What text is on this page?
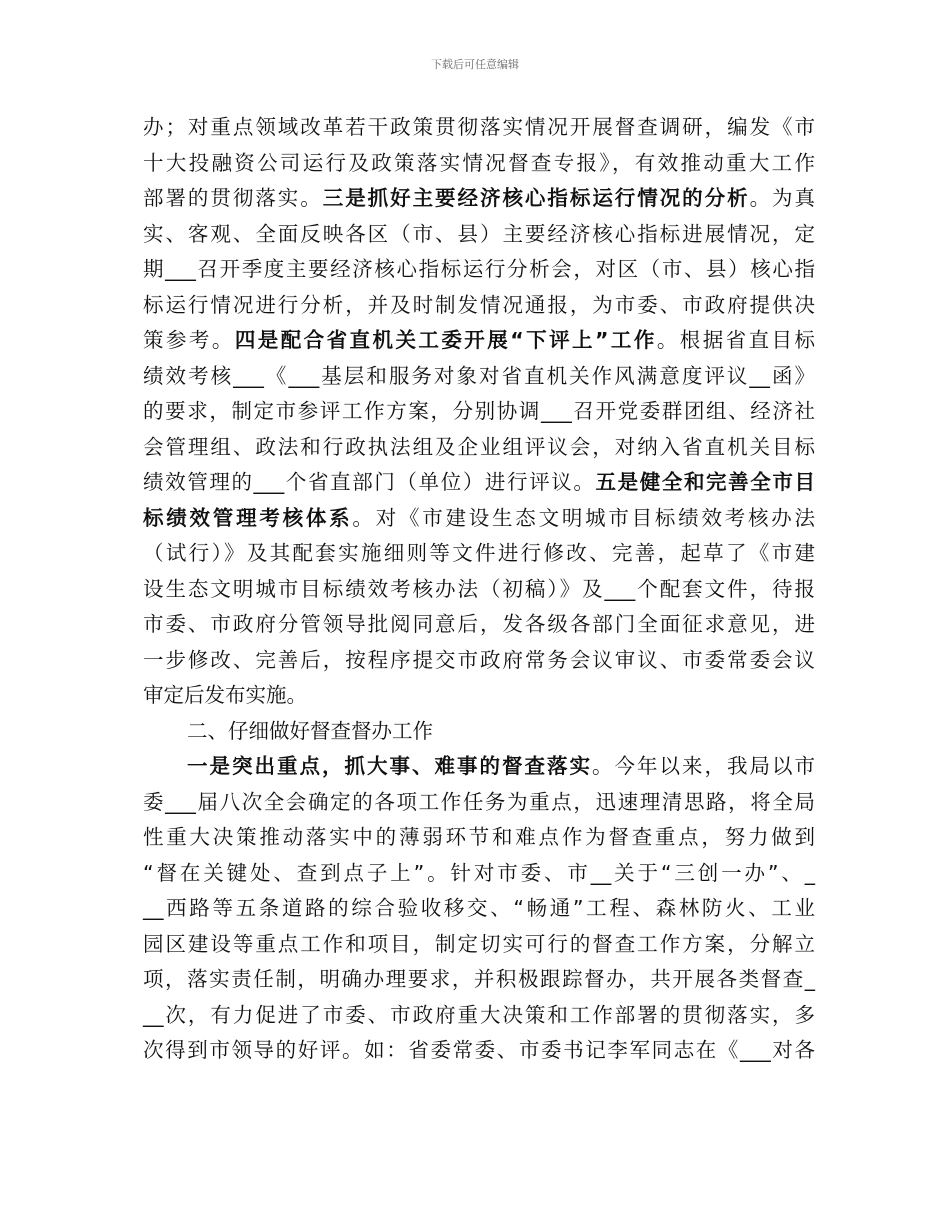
下载后可任意编辑
办；对重点领域改革若干政策贯彻落实情况开展督查调研，编发《市
十大投融资公司运行及政策落实情况督查专报》，有效推动重大工作
部署的贯彻落实。三是抓好主要经济核心指标运行情况的分析。为真
实、客观、全面反映各区（市、县）主要经济核心指标进展情况，定
期___召开季度主要经济核心指标运行分析会，对区（市、县）核心指
标运行情况进行分析，并及时制发情况通报，为市委、市政府提供决
策参考。四是配合省直机关工委开展“下评上”工作。根据省直目标
绩效考核___《___基层和服务对象对省直机关作风满意度评议__函》
的要求，制定市参评工作方案，分别协调___召开党委群团组、经济社
会管理组、政法和行政执法组及企业组评议会，对纳入省直机关目标
绩效管理的___个省直部门（单位）进行评议。五是健全和完善全市目
标绩效管理考核体系。对《市建设生态文明城市目标绩效考核办法
（试行）》及其配套实施细则等文件进行修改、完善，起草了《市建
设生态文明城市目标绩效考核办法（初稿）》及___个配套文件，待报
市委、市政府分管领导批阅同意后，发各级各部门全面征求意见，进
一步修改、完善后，按程序提交市政府常务会议审议、市委常委会议
审定后发布实施。
二、仔细做好督查督办工作
一是突出重点，抓大事、难事的督查落实。今年以来，我局以市
委___届八次全会确定的各项工作任务为重点，迅速理清思路，将全局
性重大决策推动落实中的薄弱环节和难点作为督查重点，努力做到
“督在关键处、查到点子上”。针对市委、市__关于“三创一办”、_
__西路等五条道路的综合验收移交、“畅通”工程、森林防火、工业
园区建设等重点工作和项目，制定切实可行的督查工作方案，分解立
项，落实责任制，明确办理要求，并积极跟踪督办，共开展各类督查_
__次，有力促进了市委、市政府重大决策和工作部署的贯彻落实，多
次得到市领导的好评。如：省委常委、市委书记李军同志在《___对各
